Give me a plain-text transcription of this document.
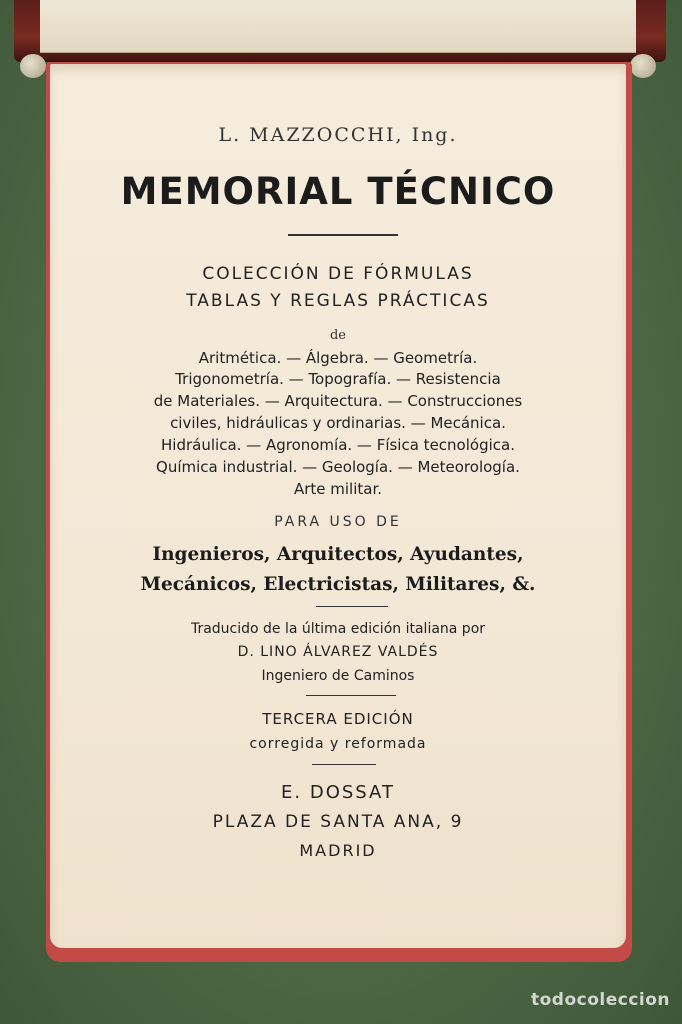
L. MAZZOCCHI, Ing.
MEMORIAL TÉCNICO
COLECCIÓN DE FÓRMULAS
TABLAS Y REGLAS PRÁCTICAS
de
Aritmética. — Álgebra. — Geometría.
Trigonometría. — Topografía. — Resistencia
de Materiales. — Arquitectura. — Construcciones
civiles, hidráulicas y ordinarias. — Mecánica.
Hidráulica. — Agronomía. — Física tecnológica.
Química industrial. — Geología. — Meteorología.
Arte militar.
PARA USO DE
Ingenieros, Arquitectos, Ayudantes,
Mecánicos, Electricistas, Militares, &.
Traducido de la última edición italiana por
D. LINO ÁLVAREZ VALDÉS
Ingeniero de Caminos
TERCERA EDICIÓN
corregida y reformada
E. DOSSAT
PLAZA DE SANTA ANA, 9
MADRID
todocoleccion
